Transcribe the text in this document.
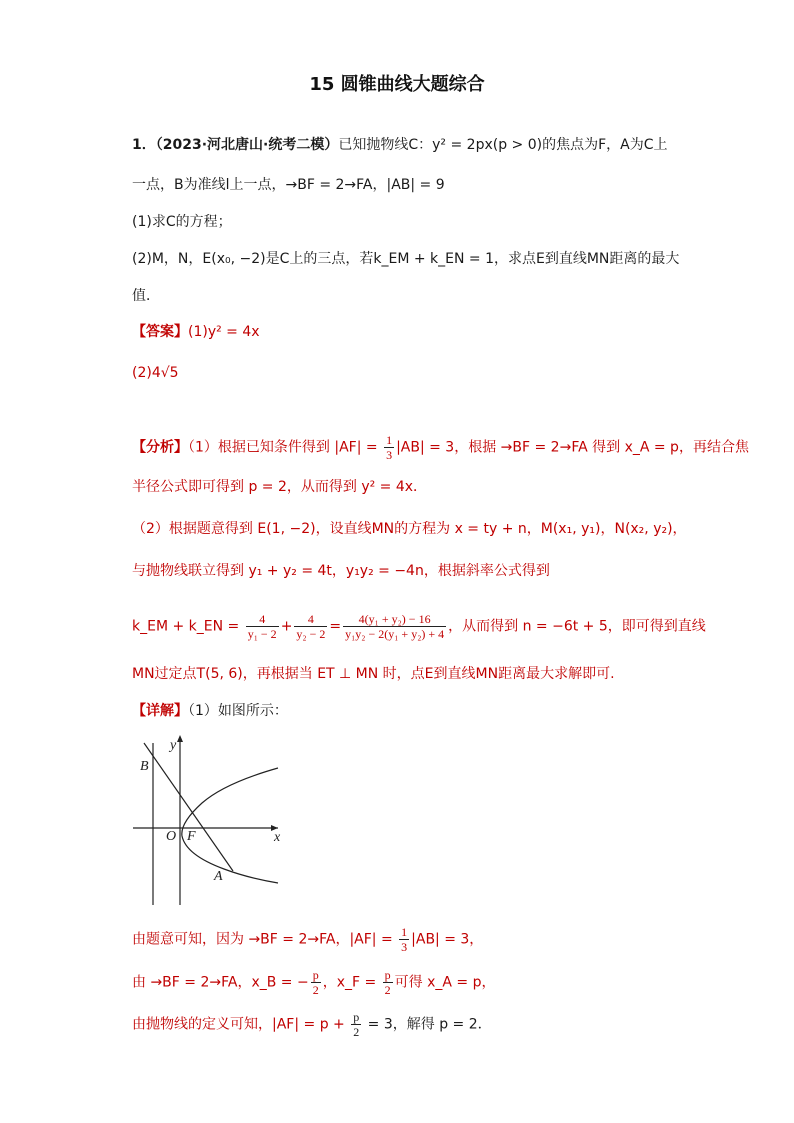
15 圆锥曲线大题综合
1．（2023·河北唐山·统考二模）已知抛物线C：y² = 2px(p > 0)的焦点为F，A为C上
一点，B为准线l上一点，→BF = 2→FA，|AB| = 9
(1)求C的方程；
(2)M，N，E(x₀, −2)是C上的三点，若k_EM + k_EN = 1，求点E到直线MN距离的最大
值．
【答案】(1)y² = 4x
(2)4√5
【分析】（1）根据已知条件得到 $|AF| = \frac{1}{3} |AB| = 3$，根据 →BF = 2→FA 得到 x_A = p，再结合焦
半径公式即可得到 p = 2，从而得到 y² = 4x．
（2）根据题意得到 E(1, −2)，设直线MN的方程为 x = ty + n，M(x₁, y₁)，N(x₂, y₂)，
与抛物线联立得到 y₁ + y₂ = 4t，y₁y₂ = −4n，根据斜率公式得到
k_EM + k_EN = $\frac{4}{\text{y₁ − 2}} + \frac{4}{\text{y₂ − 2}} = \frac{\text{4(y₁ + y₂) − 16}}{\text{y₁y₂ − 2(y₁ + y₂) + 4}}$ ，从而得到 n = −6t + 5，即可得到直线
MN过定点T(5, 6)，再根据当 ET ⊥ MN 时，点E到直线MN距离最大求解即可.
【详解】（1）如图所示：
B
O F
A
y
x
由题意可知，因为 →BF = 2→FA，$|AF| = \frac{1}{3} |AB| = 3$，
由 →BF = 2→FA，x_B = − $\frac{p}{2}$ ，x_F = $\frac{p}{2}$ 可得 x_A = p，
由抛物线的定义可知，$|AF| = p + \frac{p}{2} = 3$，解得 p = 2．
